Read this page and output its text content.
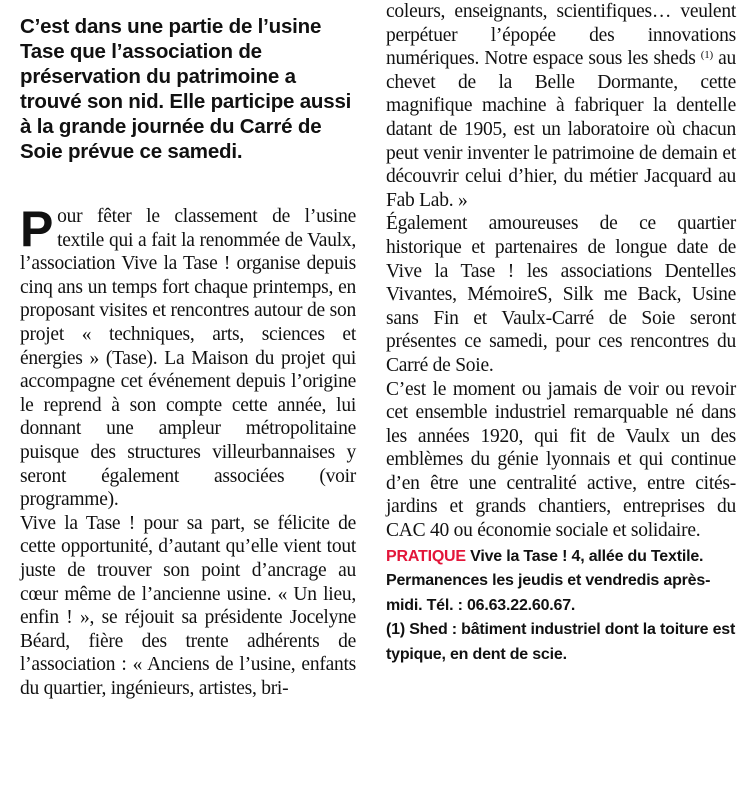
C’est dans une partie de l’usine Tase que l’association de préservation du patrimoine a trouvé son nid. Elle participe aussi à la grande journée du Carré de Soie prévue ce samedi.

Pour fêter le classement de l’usine textile qui a fait la renommée de Vaulx, l’association Vive la Tase ! organise depuis cinq ans un temps fort chaque printemps, en proposant visites et rencontres autour de son projet « techniques, arts, sciences et énergies » (Tase). La Maison du projet qui accompagne cet événement depuis l’origine le reprend à son compte cette année, lui donnant une ampleur métropolitaine puisque des structures villeurbannaises y seront également associées (voir programme).

Vive la Tase ! pour sa part, se félicite de cette opportunité, d’autant qu’elle vient tout juste de trouver son point d’ancrage au cœur même de l’ancienne usine. « Un lieu, enfin ! », se réjouit sa présidente Jocelyne Béard, fière des trente adhérents de l’association : « Anciens de l’usine, enfants du quartier, ingénieurs, artistes, bri-

coleurs, enseignants, scientifiques… veulent perpétuer l’épopée des innovations numériques. Notre espace sous les sheds $^{(1)}$ au chevet de la Belle Dormante, cette magnifique machine à fabriquer la dentelle datant de 1905, est un laboratoire où chacun peut venir inventer le patrimoine de demain et découvrir celui d’hier, du métier Jacquard au Fab Lab. »

Également amoureuses de ce quartier historique et partenaires de longue date de Vive la Tase ! les associations Dentelles Vivantes, MémoireS, Silk me Back, Usine sans Fin et Vaulx-Carré de Soie seront présentes ce samedi, pour ces rencontres du Carré de Soie.

C’est le moment ou jamais de voir ou revoir cet ensemble industriel remarquable né dans les années 1920, qui fit de Vaulx un des emblèmes du génie lyonnais et qui continue d’en être une centralité active, entre cités-jardins et grands chantiers, entreprises du CAC 40 ou économie sociale et solidaire.

PRATIQUE Vive la Tase ! 4, allée du Textile. Permanences les jeudis et vendredis après-midi. Tél. : 06.63.22.60.67.
(1) Shed : bâtiment industriel dont la toiture est typique, en dent de scie.
